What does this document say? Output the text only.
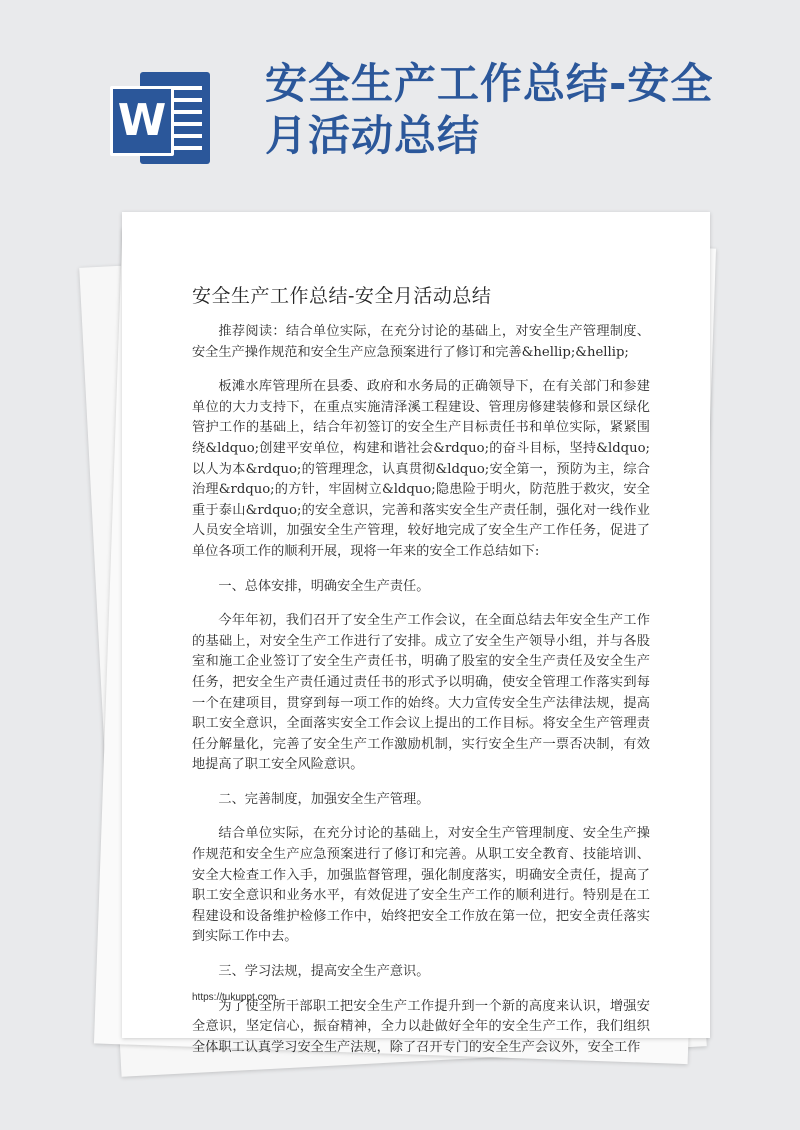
W
安全生产工作总结-安全月活动总结
安全生产工作总结-安全月活动总结

推荐阅读：结合单位实际，在充分讨论的基础上，对安全生产管理制度、安全生产操作规范和安全生产应急预案进行了修订和完善&hellip;&hellip;

板滩水库管理所在县委、政府和水务局的正确领导下，在有关部门和参建单位的大力支持下，在重点实施清泽溪工程建设、管理房修建装修和景区绿化管护工作的基础上，结合年初签订的安全生产目标责任书和单位实际，紧紧围绕&ldquo;创建平安单位，构建和谐社会&rdquo;的奋斗目标，坚持&ldquo;以人为本&rdquo;的管理理念，认真贯彻&ldquo;安全第一，预防为主，综合治理&rdquo;的方针，牢固树立&ldquo;隐患险于明火，防范胜于救灾，安全重于泰山&rdquo;的安全意识，完善和落实安全生产责任制，强化对一线作业人员安全培训，加强安全生产管理，较好地完成了安全生产工作任务，促进了单位各项工作的顺利开展，现将一年来的安全工作总结如下:

一、总体安排，明确安全生产责任。

今年年初，我们召开了安全生产工作会议，在全面总结去年安全生产工作的基础上，对安全生产工作进行了安排。成立了安全生产领导小组，并与各股室和施工企业签订了安全生产责任书，明确了股室的安全生产责任及安全生产任务，把安全生产责任通过责任书的形式予以明确，使安全管理工作落实到每一个在建项目，贯穿到每一项工作的始终。大力宣传安全生产法律法规，提高职工安全意识，全面落实安全工作会议上提出的工作目标。将安全生产管理责任分解量化，完善了安全生产工作激励机制，实行安全生产一票否决制，有效地提高了职工安全风险意识。

二、完善制度，加强安全生产管理。

结合单位实际，在充分讨论的基础上，对安全生产管理制度、安全生产操作规范和安全生产应急预案进行了修订和完善。从职工安全教育、技能培训、安全大检查工作入手，加强监督管理，强化制度落实，明确安全责任，提高了职工安全意识和业务水平，有效促进了安全生产工作的顺利进行。特别是在工程建设和设备维护检修工作中，始终把安全工作放在第一位，把安全责任落实到实际工作中去。

三、学习法规，提高安全生产意识。

为了使全所干部职工把安全生产工作提升到一个新的高度来认识，增强安全意识，坚定信心，振奋精神，全力以赴做好全年的安全生产工作，我们组织全体职工认真学习安全生产法规，除了召开专门的安全生产会议外，安全工作

https://tukuppt.com
